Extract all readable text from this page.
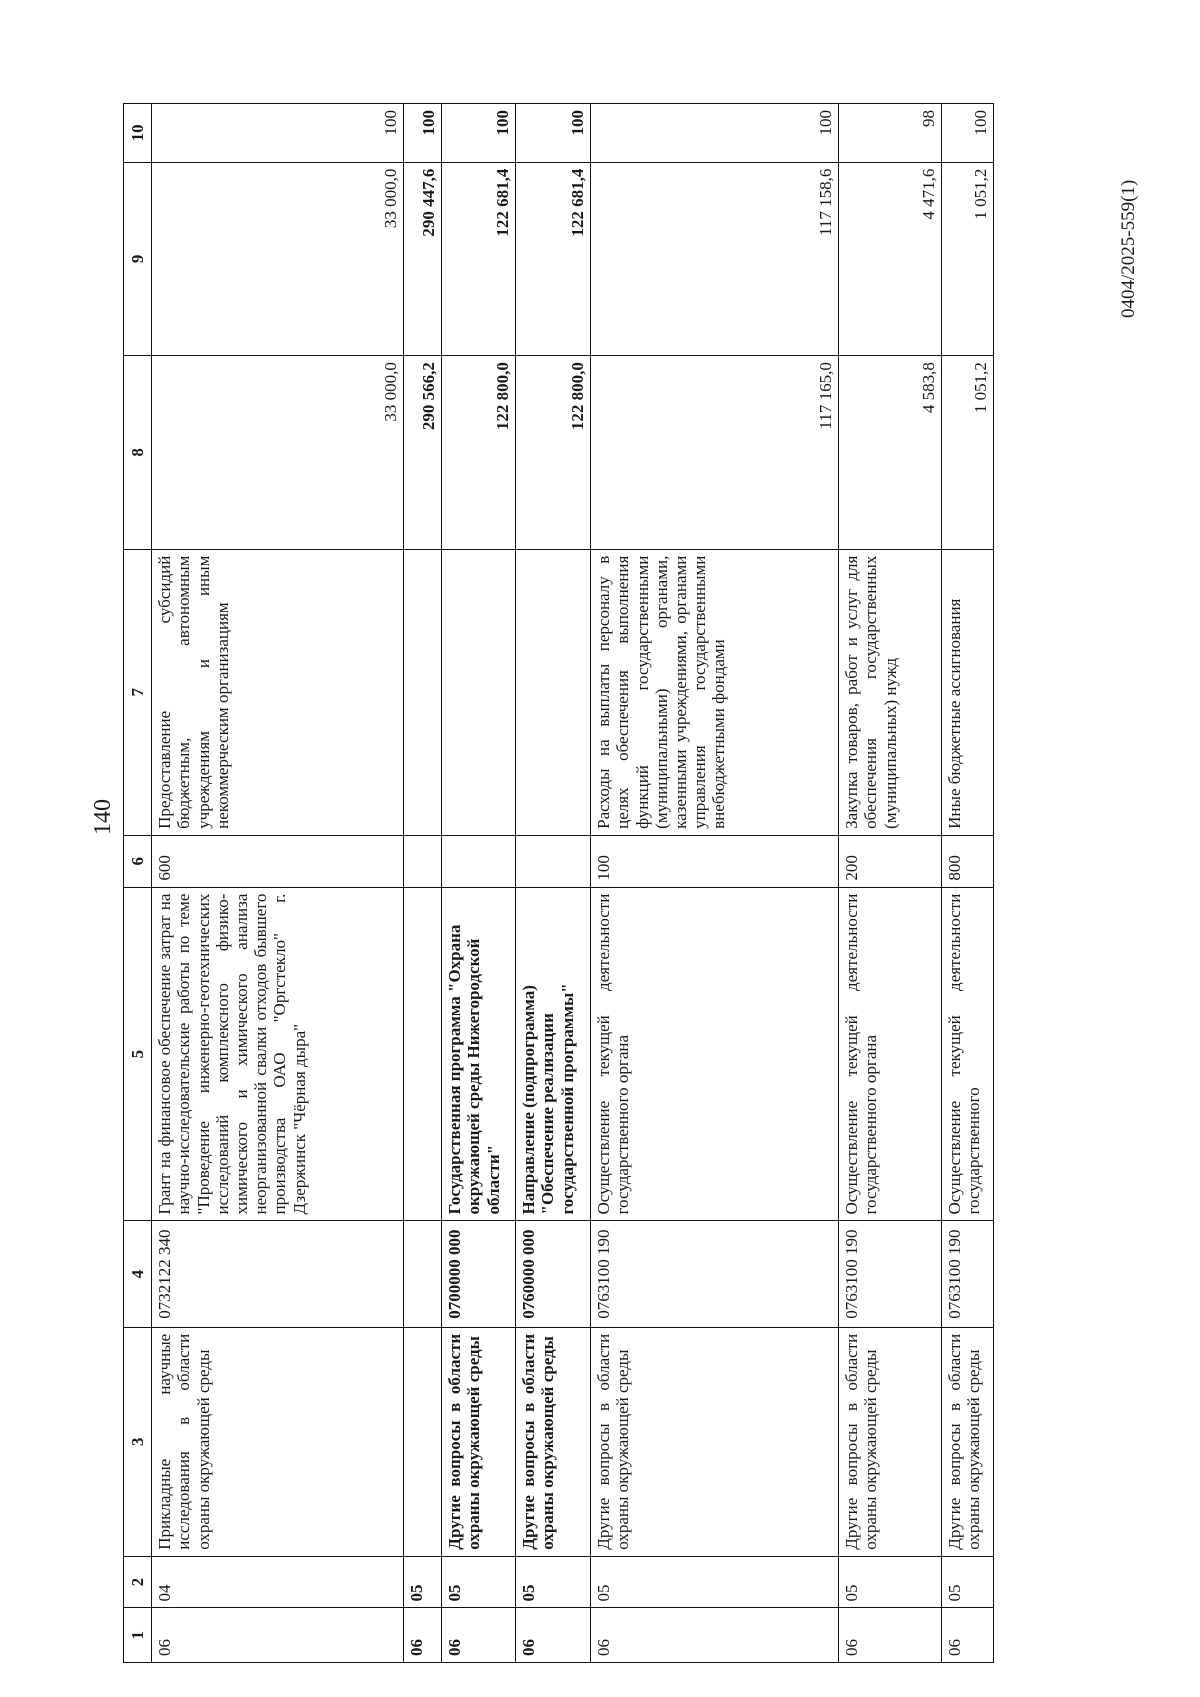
140
0404/2025-559(1)
1	2	3	4	5	6	7	8	9	10
06	04	Прикладные научные исследования в области охраны окружающей среды	0732122 340	Грант на финансовое обеспечение затрат на научно-исследовательские работы по теме "Проведение инженерно-геотехнических исследований комплексного физико-химического и химического анализа неорганизованной свалки отходов бывшего производства ОАО "Оргстекло" г. Дзержинск "Чёрная дыра"	600	Предоставление субсидий бюджетным, автономным учреждениям и иным некоммерческим организациям	33 000,0	33 000,0	100
06	05						290 566,2	290 447,6	100
06	05	Другие вопросы в области охраны окружающей среды	0700000 000	Государственная программа "Охрана окружающей среды Нижегородской области"			122 800,0	122 681,4	100
06	05	Другие вопросы в области охраны окружающей среды	0760000 000	Направление (подпрограмма) "Обеспечение реализации государственной программы"			122 800,0	122 681,4	100
06	05	Другие вопросы в области охраны окружающей среды	0763100 190	Осуществление текущей деятельности государственного органа	100	Расходы на выплаты персоналу в целях обеспечения выполнения функций государственными (муниципальными) органами, казенными учреждениями, органами управления государственными внебюджетными фондами	117 165,0	117 158,6	100
06	05	Другие вопросы в области охраны окружающей среды	0763100 190	Осуществление текущей деятельности государственного органа	200	Закупка товаров, работ и услуг для обеспечения государственных (муниципальных) нужд	4 583,8	4 471,6	98
06	05	Другие вопросы в области охраны окружающей среды	0763100 190	Осуществление текущей деятельности государственного	800	Иные бюджетные ассигнования	1 051,2	1 051,2	100
